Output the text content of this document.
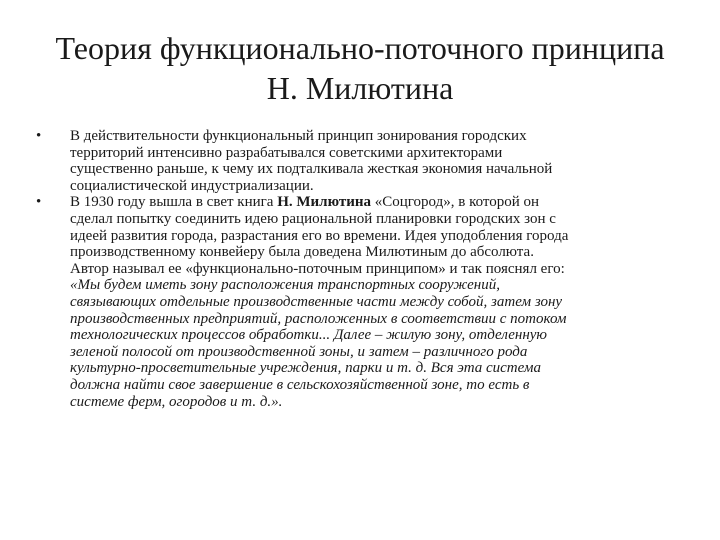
Теория функционально-поточного принципа
Н. Милютина
•	В действительности функциональный принцип зонирования городских
территорий интенсивно разрабатывался советскими архитекторами
существенно раньше, к чему их подталкивала жесткая экономия начальной
социалистической индустриализации.
•	В 1930 году вышла в свет книга Н. Милютина «Соцгород», в которой он
сделал попытку соединить идею рациональной планировки городских зон с
идеей развития города, разрастания его во времени. Идея уподобления города
производственному конвейеру была доведена Милютиным до абсолюта.
Автор называл ее «функционально-поточным принципом» и так пояснял его:
«Мы будем иметь зону расположения транспортных сооружений,
связывающих отдельные производственные части между собой, затем зону
производственных предприятий, расположенных в соответствии с потоком
технологических процессов обработки... Далее – жилую зону, отделенную
зеленой полосой от производственной зоны, и затем – различного рода
культурно-просветительные учреждения, парки и т. д. Вся эта система
должна найти свое завершение в сельскохозяйственной зоне, то есть в
системе ферм, огородов и т. д.».
